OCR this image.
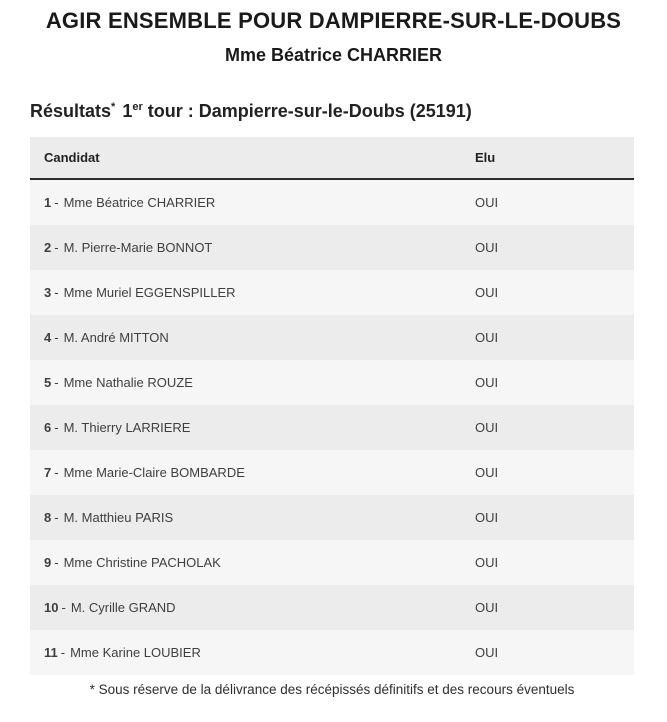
AGIR ENSEMBLE POUR DAMPIERRE-SUR-LE-DOUBS
Mme Béatrice CHARRIER
Résultats* 1er tour : Dampierre-sur-le-Doubs (25191)
Candidat	Elu
1 - Mme Béatrice CHARRIER	OUI
2 - M. Pierre-Marie BONNOT	OUI
3 - Mme Muriel EGGENSPILLER	OUI
4 - M. André MITTON	OUI
5 - Mme Nathalie ROUZE	OUI
6 - M. Thierry LARRIERE	OUI
7 - Mme Marie-Claire BOMBARDE	OUI
8 - M. Matthieu PARIS	OUI
9 - Mme Christine PACHOLAK	OUI
10 - M. Cyrille GRAND	OUI
11 - Mme Karine LOUBIER	OUI

* Sous réserve de la délivrance des récépissés définitifs et des recours éventuels
